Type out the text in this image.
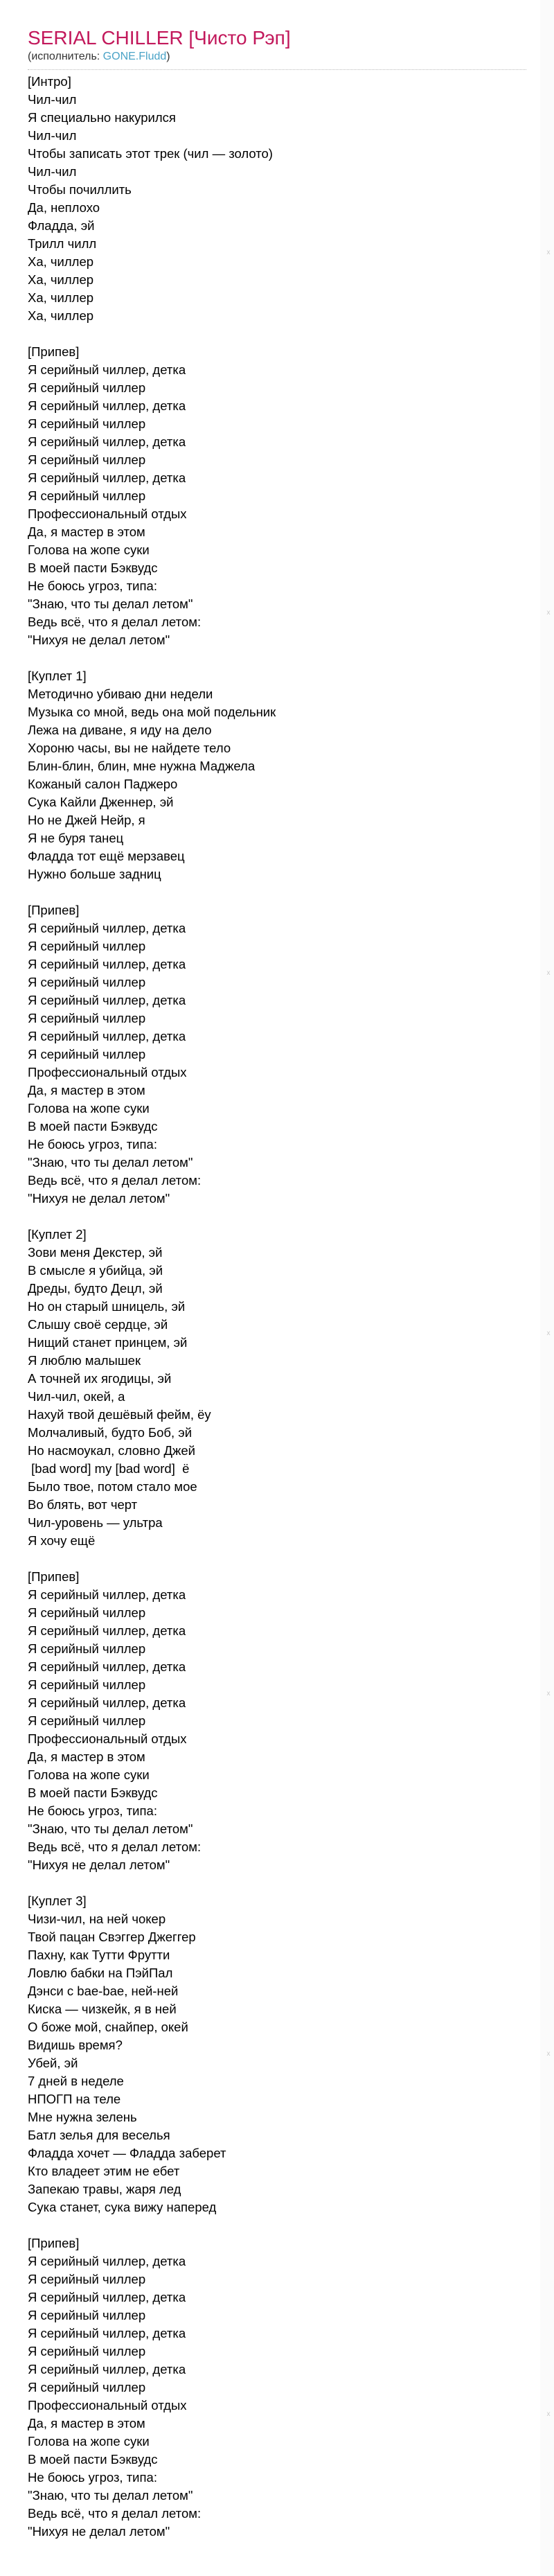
SERIAL CHILLER [Чисто Рэп]
(исполнитель: GONE.Fludd)
[Интро]
Чил-чил
Я специально накурился
Чил-чил
Чтобы записать этот трек (чил — золото)
Чил-чил
Чтобы почиллить
Да, неплохо
Фладда, эй
Трилл чилл
Ха, чиллер
Ха, чиллер
Ха, чиллер
Ха, чиллер
[Припев]
Я серийный чиллер, детка
Я серийный чиллер
Я серийный чиллер, детка
Я серийный чиллер
Я серийный чиллер, детка
Я серийный чиллер
Я серийный чиллер, детка
Я серийный чиллер
Профессиональный отдых
Да, я мастер в этом
Голова на жопе суки
В моей пасти Бэквудс
Не боюсь угроз, типа:
"Знаю, что ты делал летом"
Ведь всё, что я делал летом:
"Нихуя не делал летом"
[Куплет 1]
Методично убиваю дни недели
Музыка со мной, ведь она мой подельник
Лежа на диване, я иду на дело
Хороню часы, вы не найдете тело
Блин-блин, блин, мне нужна Маджела
Кожаный салон Паджеро
Сука Кайли Дженнер, эй
Но не Джей Нейр, я
Я не буря танец
Фладда тот ещё мерзавец
Нужно больше задниц
[Припев]
Я серийный чиллер, детка
Я серийный чиллер
Я серийный чиллер, детка
Я серийный чиллер
Я серийный чиллер, детка
Я серийный чиллер
Я серийный чиллер, детка
Я серийный чиллер
Профессиональный отдых
Да, я мастер в этом
Голова на жопе суки
В моей пасти Бэквудс
Не боюсь угроз, типа:
"Знаю, что ты делал летом"
Ведь всё, что я делал летом:
"Нихуя не делал летом"
[Куплет 2]
Зови меня Декстер, эй
В смысле я убийца, эй
Дреды, будто Децл, эй
Но он старый шницель, эй
Слышу своё сердце, эй
Нищий станет принцем, эй
Я люблю малышек
А точней их ягодицы, эй
Чил-чил, окей, а
Нахуй твой дешёвый фейм, ёу
Молчаливый, будто Боб, эй
Но насмоукал, словно Джей
[bad word] my [bad word]  ё
Было твое, потом стало мое
Во блять, вот черт
Чил-уровень — ультра
Я хочу ещё
[Припев]
Я серийный чиллер, детка
Я серийный чиллер
Я серийный чиллер, детка
Я серийный чиллер
Я серийный чиллер, детка
Я серийный чиллер
Я серийный чиллер, детка
Я серийный чиллер
Профессиональный отдых
Да, я мастер в этом
Голова на жопе суки
В моей пасти Бэквудс
Не боюсь угроз, типа:
"Знаю, что ты делал летом"
Ведь всё, что я делал летом:
"Нихуя не делал летом"
[Куплет 3]
Чизи-чил, на ней чокер
Твой пацан Свэггер Джеггер
Пахну, как Тутти Фрутти
Ловлю бабки на ПэйПал
Дэнси с bae-bae, ней-ней
Киска — чизкейк, я в ней
О боже мой, снайпер, окей
Видишь время?
Убей, эй
7 дней в неделе
НПОГП на теле
Мне нужна зелень
Батл зелья для веселья
Фладда хочет — Фладда заберет
Кто владеет этим не ебет
Запекаю травы, жаря лед
Сука станет, сука вижу наперед
[Припев]
Я серийный чиллер, детка
Я серийный чиллер
Я серийный чиллер, детка
Я серийный чиллер
Я серийный чиллер, детка
Я серийный чиллер
Я серийный чиллер, детка
Я серийный чиллер
Профессиональный отдых
Да, я мастер в этом
Голова на жопе суки
В моей пасти Бэквудс
Не боюсь угроз, типа:
"Знаю, что ты делал летом"
Ведь всё, что я делал летом:
"Нихуя не делал летом"
x
x
x
x
x
x
x
